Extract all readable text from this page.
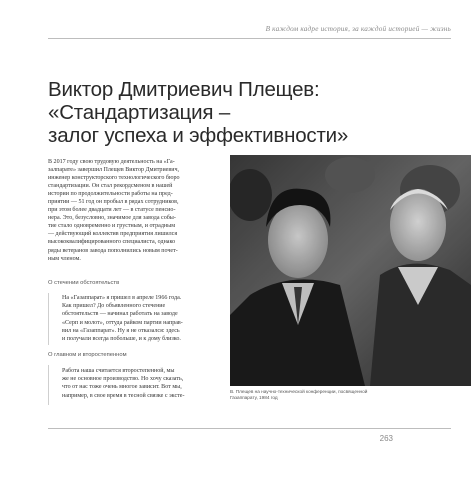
В каждом кадре история, за каждой историей — жизнь
Виктор Дмитриевич Плещев:
«Стандартизация –
залог успеха и эффективности»
В 2017 году свою трудовую деятельность на «Га-
залпарате» завершил Плещев Виктор Дмитриевич,
инженер конструкторского технологического бюро
стандартизации. Он стал рекордсменом в нашей
истории по продолжительности работы на пред-
приятии — 51 год он пробыл в рядах сотрудников,
при этом более двадцати лет — в статусе пенсио-
нера. Это, безусловно, значимое для завода собы-
тие стало одновременно и грустным, и отрадным
— действующий коллектив предприятия лишился
высококвалифицированного специалиста, однако
ряды ветеранов завода пополнились новым почет-
ным членом.
О стечении обстоятельств
На «Газаппарат» я пришел в апреле 1966 года.
Как пришел? До объявленного стечение
обстоятельств — начинал работать на заводе
«Серп и молот», оттуда райком партии направ-
вил на «Газаппарат». Ну я не отказался: здесь
и получали всегда побольше, и к дому близко.
О главном и второстепенном
Работа наша считается второстепенной, мы
же не основное производство. Но хочу сказать,
что от нас тоже очень многое зависит. Вот мы,
например, в свое время в тесной связке с эксте-
В. Плещев на научно-технической конференции, посвященной
Газаппарату, 1984 год
263
